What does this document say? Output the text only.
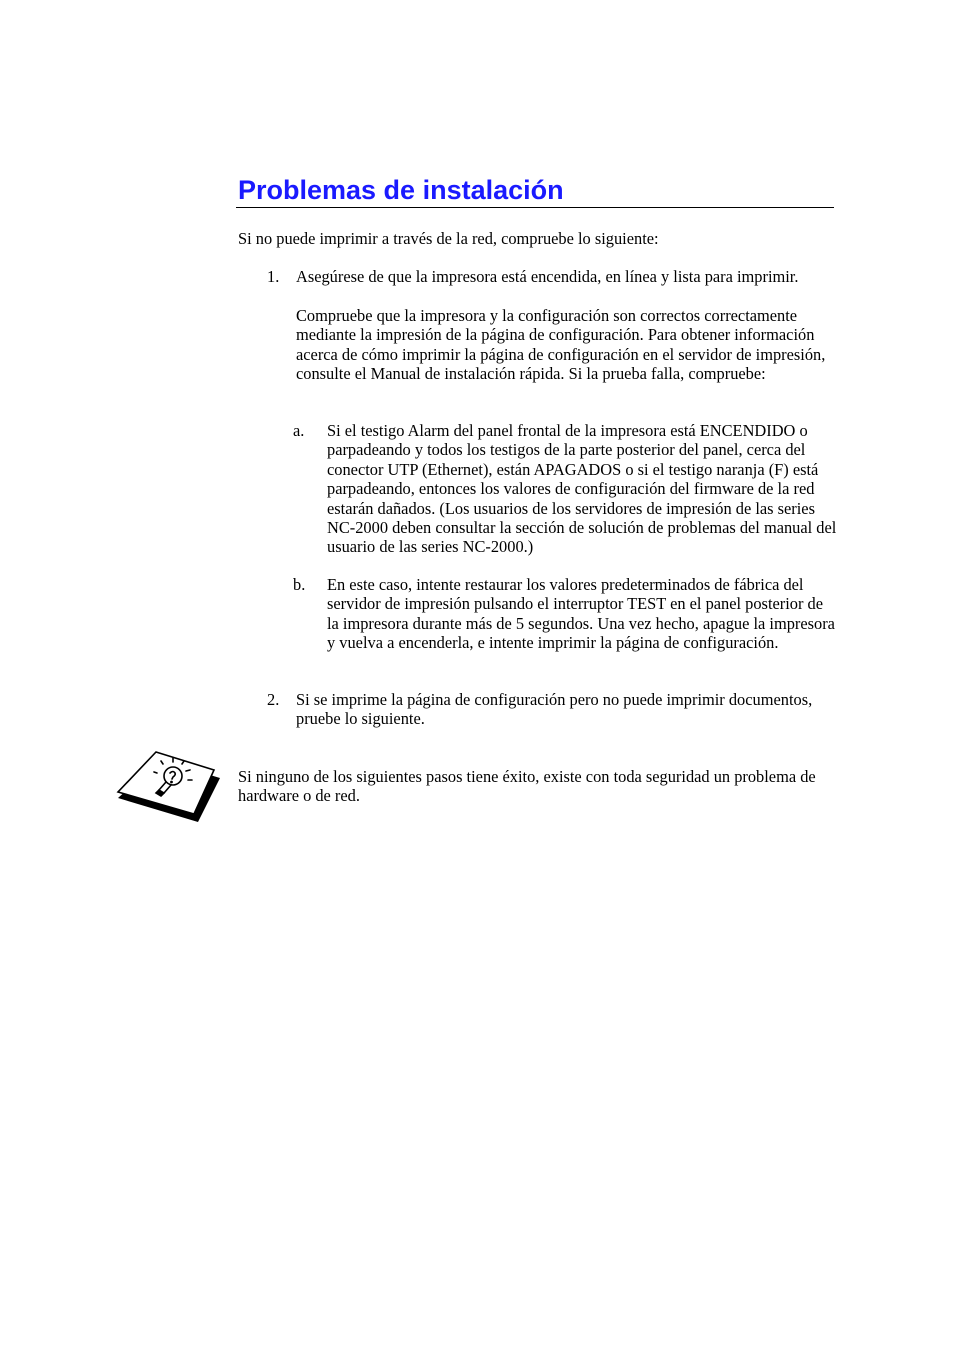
Problemas de instalación

Si no puede imprimir a través de la red, compruebe lo siguiente:

1. Asegúrese de que la impresora está encendida, en línea y lista para imprimir.

Compruebe que la impresora y la configuración son correctos correctamente mediante la impresión de la página de configuración. Para obtener información acerca de cómo imprimir la página de configuración en el servidor de impresión, consulte el Manual de instalación rápida. Si la prueba falla, compruebe:

a. Si el testigo Alarm del panel frontal de la impresora está ENCENDIDO o parpadeando y todos los testigos de la parte posterior del panel, cerca del conector UTP (Ethernet), están APAGADOS o si el testigo naranja (F) está parpadeando, entonces los valores de configuración del firmware de la red estarán dañados. (Los usuarios de los servidores de impresión de las series NC-2000 deben consultar la sección de solución de problemas del manual del usuario de las series NC-2000.)

b. En este caso, intente restaurar los valores predeterminados de fábrica del servidor de impresión pulsando el interruptor TEST en el panel posterior de la impresora durante más de 5 segundos. Una vez hecho, apague la impresora y vuelva a encenderla, e intente imprimir la página de configuración.

2. Si se imprime la página de configuración pero no puede imprimir documentos, pruebe lo siguiente.

Si ninguno de los siguientes pasos tiene éxito, existe con toda seguridad un problema de hardware o de red.
